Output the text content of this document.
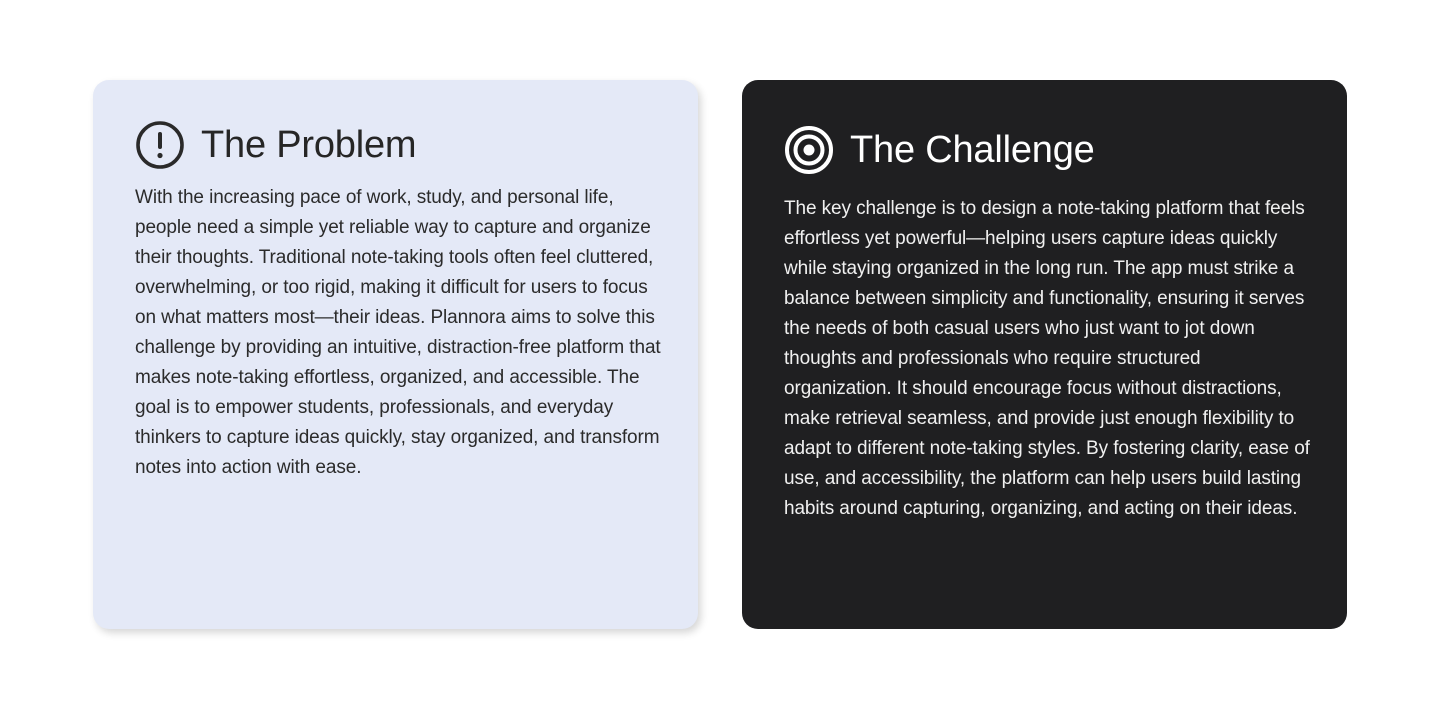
The Problem

With the increasing pace of work, study, and personal life, people need a simple yet reliable way to capture and organize their thoughts. Traditional note-taking tools often feel cluttered, overwhelming, or too rigid, making it difficult for users to focus on what matters most—their ideas. Plannora aims to solve this challenge by providing an intuitive, distraction-free platform that makes note-taking effortless, organized, and accessible. The goal is to empower students, professionals, and everyday thinkers to capture ideas quickly, stay organized, and transform notes into action with ease.

The Challenge

The key challenge is to design a note-taking platform that feels effortless yet powerful—helping users capture ideas quickly while staying organized in the long run. The app must strike a balance between simplicity and functionality, ensuring it serves the needs of both casual users who just want to jot down thoughts and professionals who require structured organization. It should encourage focus without distractions, make retrieval seamless, and provide just enough flexibility to adapt to different note-taking styles. By fostering clarity, ease of use, and accessibility, the platform can help users build lasting habits around capturing, organizing, and acting on their ideas.
